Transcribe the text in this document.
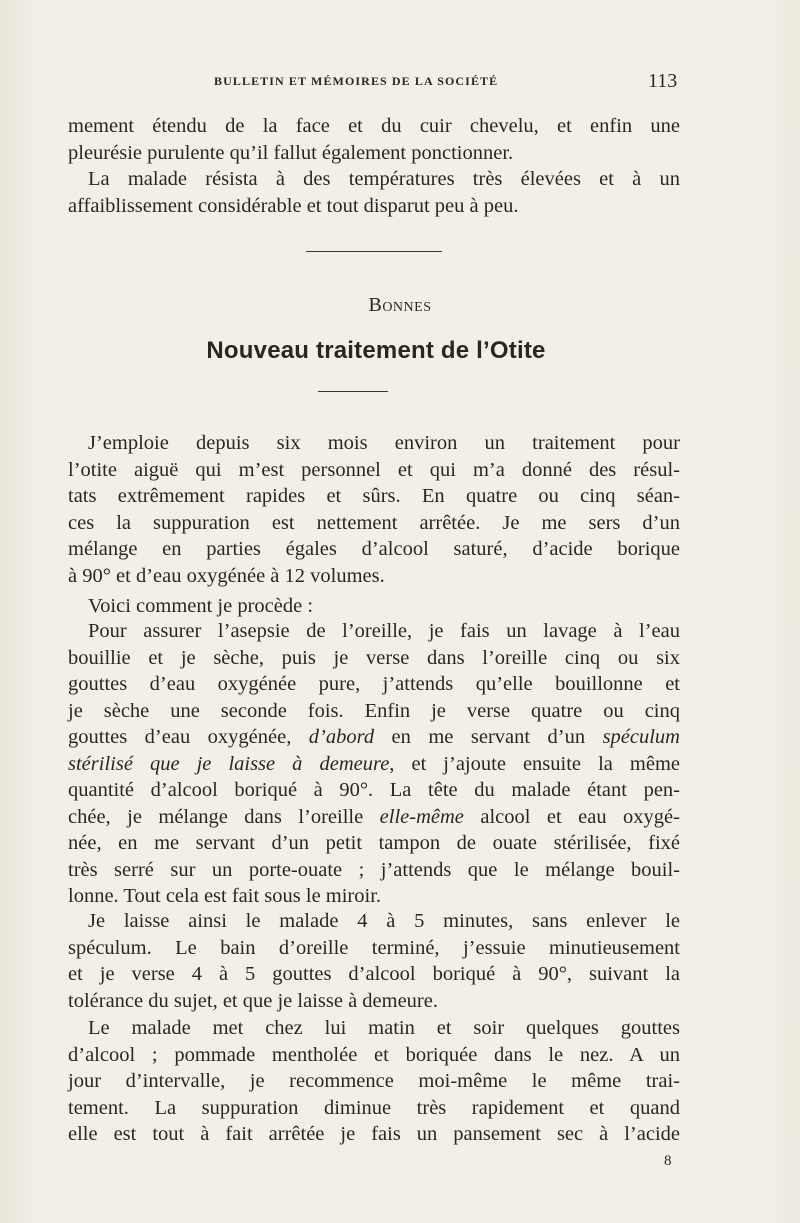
BULLETIN ET MÉMOIRES DE LA SOCIÉTÉ	113
mement étendu de la face et du cuir chevelu, et enfin une
pleurésie purulente qu’il fallut également ponctionner.
La malade résista à des températures très élevées et à un
affaiblissement considérable et tout disparut peu à peu.
Bonnes
Nouveau traitement de l’Otite
J’emploie depuis six mois environ un traitement pour
l’otite aiguë qui m’est personnel et qui m’a donné des résul-
tats extrêmement rapides et sûrs. En quatre ou cinq séan-
ces la suppuration est nettement arrêtée. Je me sers d’un
mélange en parties égales d’alcool saturé, d’acide borique
à 90° et d’eau oxygénée à 12 volumes.
Voici comment je procède :
Pour assurer l’asepsie de l’oreille, je fais un lavage à l’eau
bouillie et je sèche, puis je verse dans l’oreille cinq ou six
gouttes d’eau oxygénée pure, j’attends qu’elle bouillonne et
je sèche une seconde fois. Enfin je verse quatre ou cinq
gouttes d’eau oxygénée, d’abord en me servant d’un spéculum
stérilisé que je laisse à demeure, et j’ajoute ensuite la même
quantité d’alcool boriqué à 90°. La tête du malade étant pen-
chée, je mélange dans l’oreille elle-même alcool et eau oxygé-
née, en me servant d’un petit tampon de ouate stérilisée, fixé
très serré sur un porte-ouate ; j’attends que le mélange bouil-
lonne. Tout cela est fait sous le miroir.
Je laisse ainsi le malade 4 à 5 minutes, sans enlever le
spéculum. Le bain d’oreille terminé, j’essuie minutieusement
et je verse 4 à 5 gouttes d’alcool boriqué à 90°, suivant la
tolérance du sujet, et que je laisse à demeure.
Le malade met chez lui matin et soir quelques gouttes
d’alcool ; pommade mentholée et boriquée dans le nez. A un
jour d’intervalle, je recommence moi-même le même trai-
tement. La suppuration diminue très rapidement et quand
elle est tout à fait arrêtée je fais un pansement sec à l’acide
8
